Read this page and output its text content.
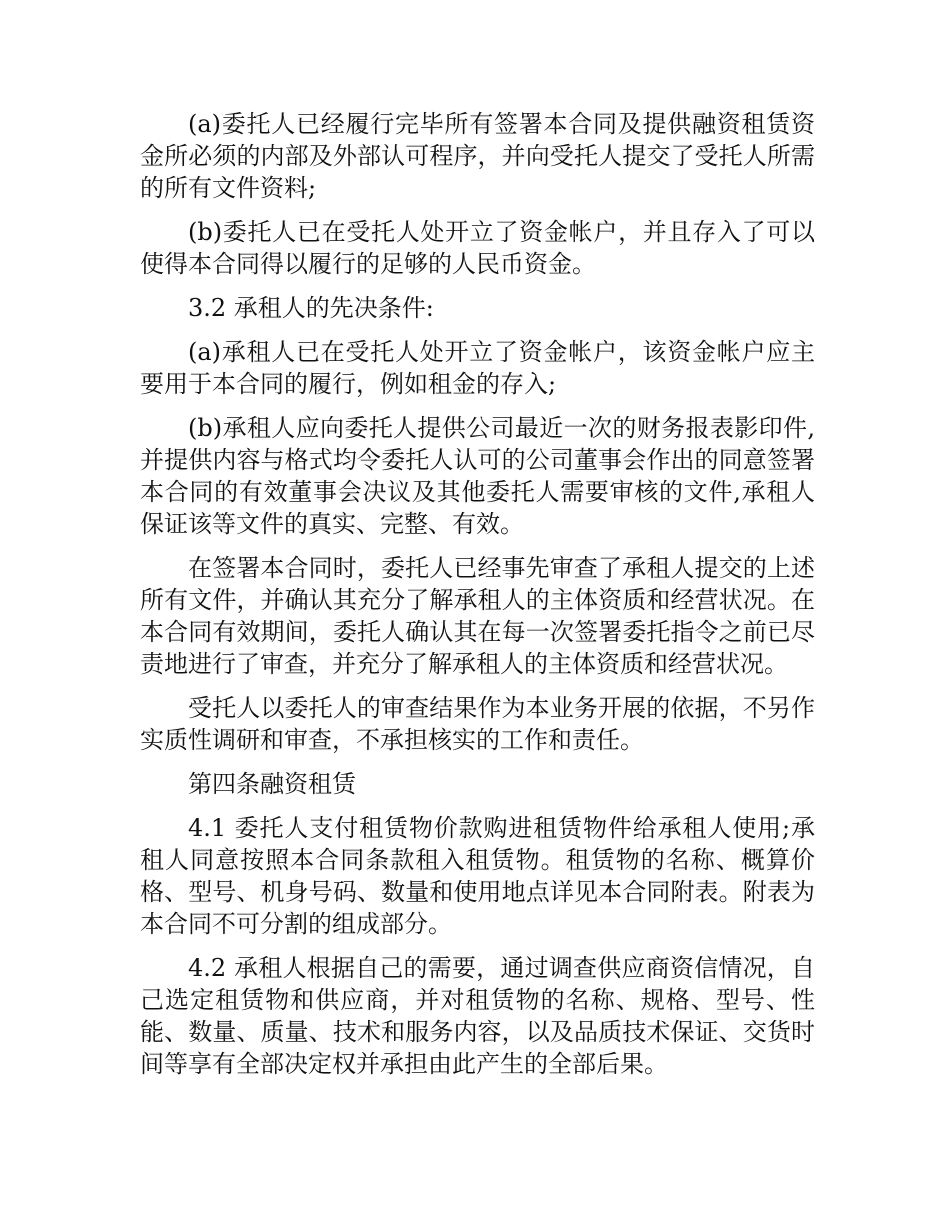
(a)委托人已经履行完毕所有签署本合同及提供融资租赁资金所必须的内部及外部认可程序，并向受托人提交了受托人所需的所有文件资料;

(b)委托人已在受托人处开立了资金帐户，并且存入了可以使得本合同得以履行的足够的人民币资金。

3.2 承租人的先决条件:

(a)承租人已在受托人处开立了资金帐户，该资金帐户应主要用于本合同的履行，例如租金的存入;

(b)承租人应向委托人提供公司最近一次的财务报表影印件,并提供内容与格式均令委托人认可的公司董事会作出的同意签署本合同的有效董事会决议及其他委托人需要审核的文件,承租人保证该等文件的真实、完整、有效。

在签署本合同时，委托人已经事先审查了承租人提交的上述所有文件，并确认其充分了解承租人的主体资质和经营状况。在本合同有效期间，委托人确认其在每一次签署委托指令之前已尽责地进行了审查，并充分了解承租人的主体资质和经营状况。

受托人以委托人的审查结果作为本业务开展的依据，不另作实质性调研和审查，不承担核实的工作和责任。

第四条融资租赁

4.1 委托人支付租赁物价款购进租赁物件给承租人使用;承租人同意按照本合同条款租入租赁物。租赁物的名称、概算价格、型号、机身号码、数量和使用地点详见本合同附表。附表为本合同不可分割的组成部分。

4.2 承租人根据自己的需要，通过调查供应商资信情况，自己选定租赁物和供应商，并对租赁物的名称、规格、型号、性能、数量、质量、技术和服务内容，以及品质技术保证、交货时间等享有全部决定权并承担由此产生的全部后果。
